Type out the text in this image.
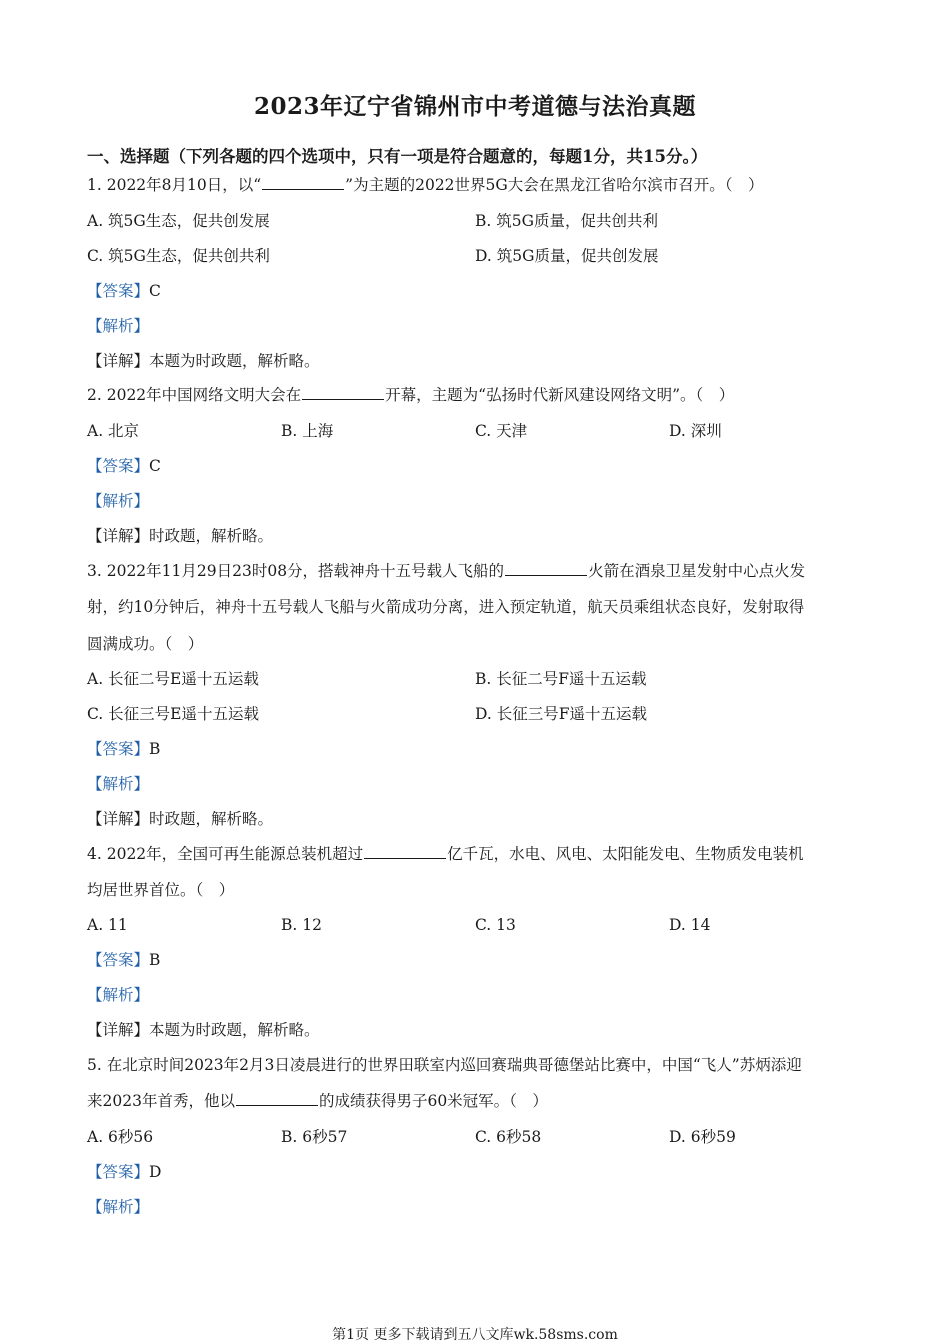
2023年辽宁省锦州市中考道德与法治真题
一、选择题（下列各题的四个选项中，只有一项是符合题意的，每题1分，共15分。）
1. 2022年8月10日，以“	”为主题的2022世界5G大会在黑龙江省哈尔滨市召开。（　）
A. 筑5G生态，促共创发展	B. 筑5G质量，促共创共利
C. 筑5G生态，促共创共利	D. 筑5G质量，促共创发展
【答案】C
【解析】
【详解】本题为时政题，解析略。
2. 2022年中国网络文明大会在	开幕，主题为“弘扬时代新风建设网络文明”。（　）
A. 北京	B. 上海	C. 天津	D. 深圳
【答案】C
【解析】
【详解】时政题，解析略。
3. 2022年11月29日23时08分，搭载神舟十五号载人飞船的	火箭在酒泉卫星发射中心点火发
射，约10分钟后，神舟十五号载人飞船与火箭成功分离，进入预定轨道，航天员乘组状态良好，发射取得
圆满成功。（　）
A. 长征二号E遥十五运载	B. 长征二号F遥十五运载
C. 长征三号E遥十五运载	D. 长征三号F遥十五运载
【答案】B
【解析】
【详解】时政题，解析略。
4. 2022年，全国可再生能源总装机超过	亿千瓦，水电、风电、太阳能发电、生物质发电装机
均居世界首位。（　）
A. 11	B. 12	C. 13	D. 14
【答案】B
【解析】
【详解】本题为时政题，解析略。
5. 在北京时间2023年2月3日凌晨进行的世界田联室内巡回赛瑞典哥德堡站比赛中，中国“飞人”苏炳添迎
来2023年首秀，他以	的成绩获得男子60米冠军。（　）
A. 6秒56	B. 6秒57	C. 6秒58	D. 6秒59
【答案】D
【解析】
第1页 更多下载请到五八文库wk.58sms.com
